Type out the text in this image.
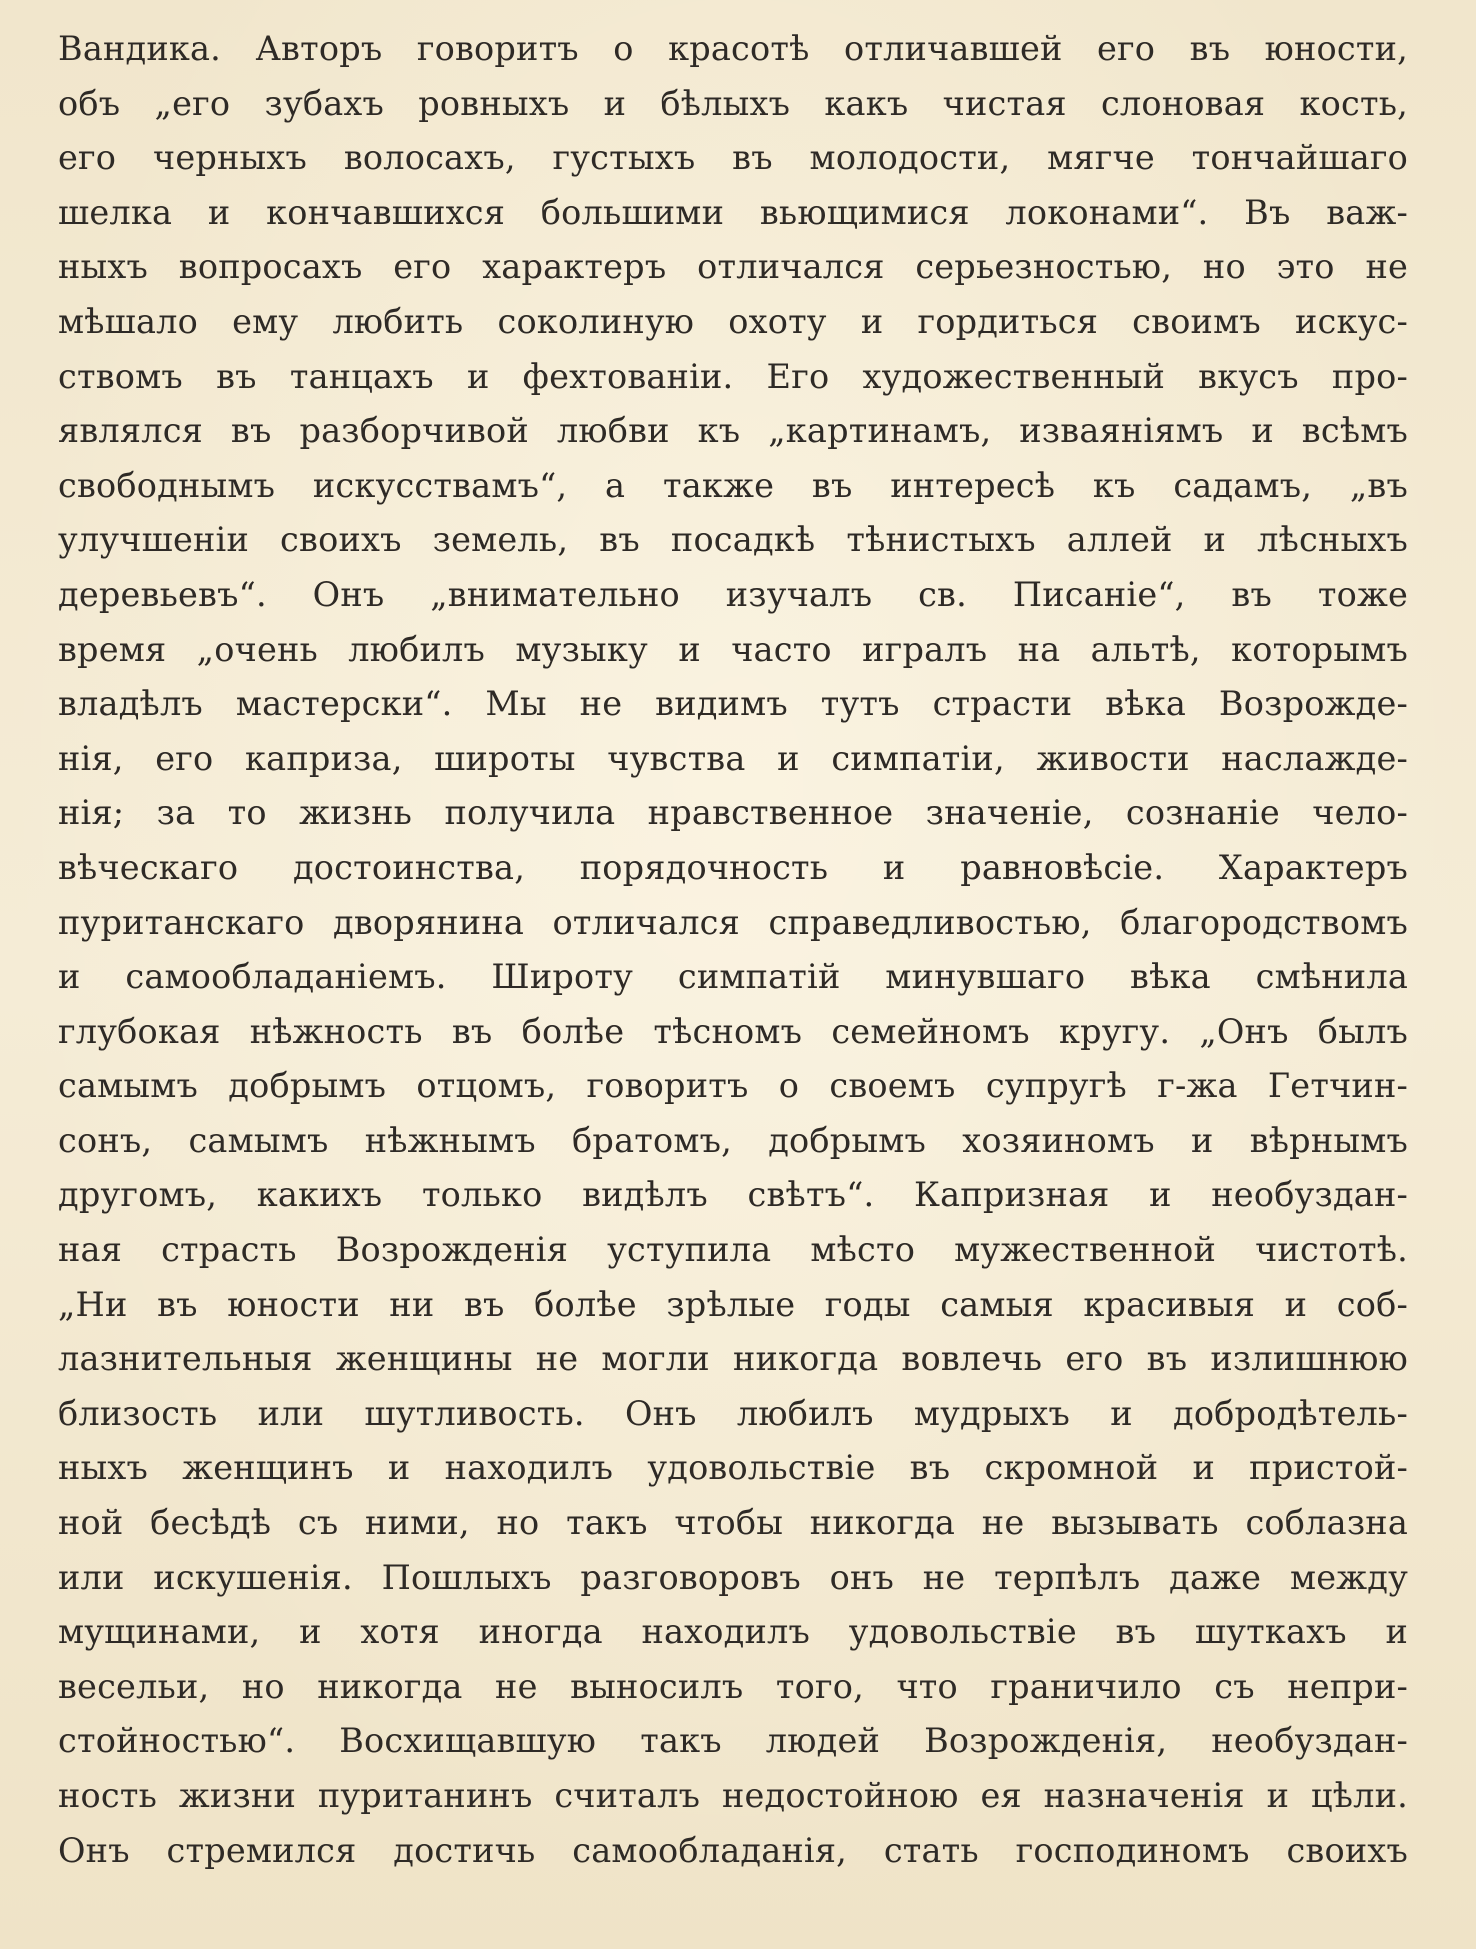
Вандика. Авторъ говоритъ о красотѣ отличавшей его въ юности,
объ „его зубахъ ровныхъ и бѣлыхъ какъ чистая слоновая кость,
его черныхъ волосахъ, густыхъ въ молодости, мягче тончайшаго
шелка и кончавшихся большими вьющимися локонами“. Въ важ-
ныхъ вопросахъ его характеръ отличался серьезностью, но это не
мѣшало ему любить соколиную охоту и гордиться своимъ искус-
ствомъ въ танцахъ и фехтованіи. Его художественный вкусъ про-
являлся въ разборчивой любви къ „картинамъ, изваяніямъ и всѣмъ
свободнымъ искусствамъ“, а также въ интересѣ къ садамъ, „въ
улучшеніи своихъ земель, въ посадкѣ тѣнистыхъ аллей и лѣсныхъ
деревьевъ“. Онъ „внимательно изучалъ св. Писаніе“, въ тоже
время „очень любилъ музыку и часто игралъ на альтѣ, которымъ
владѣлъ мастерски“. Мы не видимъ тутъ страсти вѣка Возрожде-
нія, его каприза, широты чувства и симпатіи, живости наслажде-
нія; за то жизнь получила нравственное значеніе, сознаніе чело-
вѣческаго достоинства, порядочность и равновѣсіе. Характеръ
пуританскаго дворянина отличался справедливостью, благородствомъ
и самообладаніемъ. Широту симпатій минувшаго вѣка смѣнила
глубокая нѣжность въ болѣе тѣсномъ семейномъ кругу. „Онъ былъ
самымъ добрымъ отцомъ, говоритъ о своемъ супругѣ г-жа Гетчин-
сонъ, самымъ нѣжнымъ братомъ, добрымъ хозяиномъ и вѣрнымъ
другомъ, какихъ только видѣлъ свѣтъ“. Капризная и необуздан-
ная страсть Возрожденія уступила мѣсто мужественной чистотѣ.
„Ни въ юности ни въ болѣе зрѣлые годы самыя красивыя и соб-
лазнительныя женщины не могли никогда вовлечь его въ излишнюю
близость или шутливость. Онъ любилъ мудрыхъ и добродѣтель-
ныхъ женщинъ и находилъ удовольствіе въ скромной и пристой-
ной бесѣдѣ съ ними, но такъ чтобы никогда не вызывать соблазна
или искушенія. Пошлыхъ разговоровъ онъ не терпѣлъ даже между
мущинами, и хотя иногда находилъ удовольствіе въ шуткахъ и
весельи, но никогда не выносилъ того, что граничило съ непри-
стойностью“. Восхищавшую такъ людей Возрожденія, необуздан-
ность жизни пуританинъ считалъ недостойною ея назначенія и цѣли.
Онъ стремился достичь самообладанія, стать господиномъ своихъ
